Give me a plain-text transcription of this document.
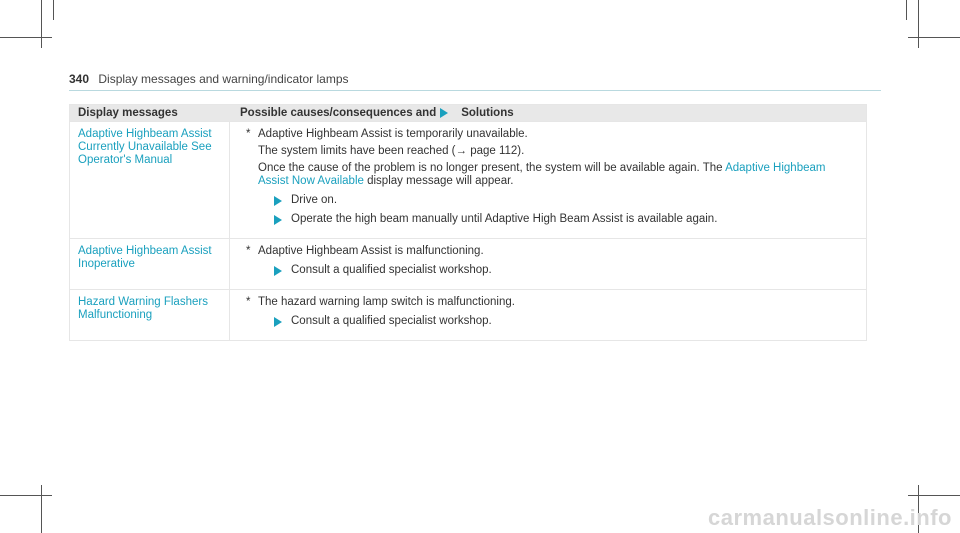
340 Display messages and warning/indicator lamps
Display messages	Possible causes/consequences and Solutions
Adaptive Highbeam Assist Currently Unavailable See Operator's Manual
* Adaptive Highbeam Assist is temporarily unavailable.
The system limits have been reached (→ page 112).
Once the cause of the problem is no longer present, the system will be available again. The Adaptive Highbeam Assist Now Available display message will appear.
Drive on.
Operate the high beam manually until Adaptive High Beam Assist is available again.
Adaptive Highbeam Assist Inoperative
* Adaptive Highbeam Assist is malfunctioning.
Consult a qualified specialist workshop.
Hazard Warning Flashers Malfunctioning
* The hazard warning lamp switch is malfunctioning.
Consult a qualified specialist workshop.
carmanualsonline.info
